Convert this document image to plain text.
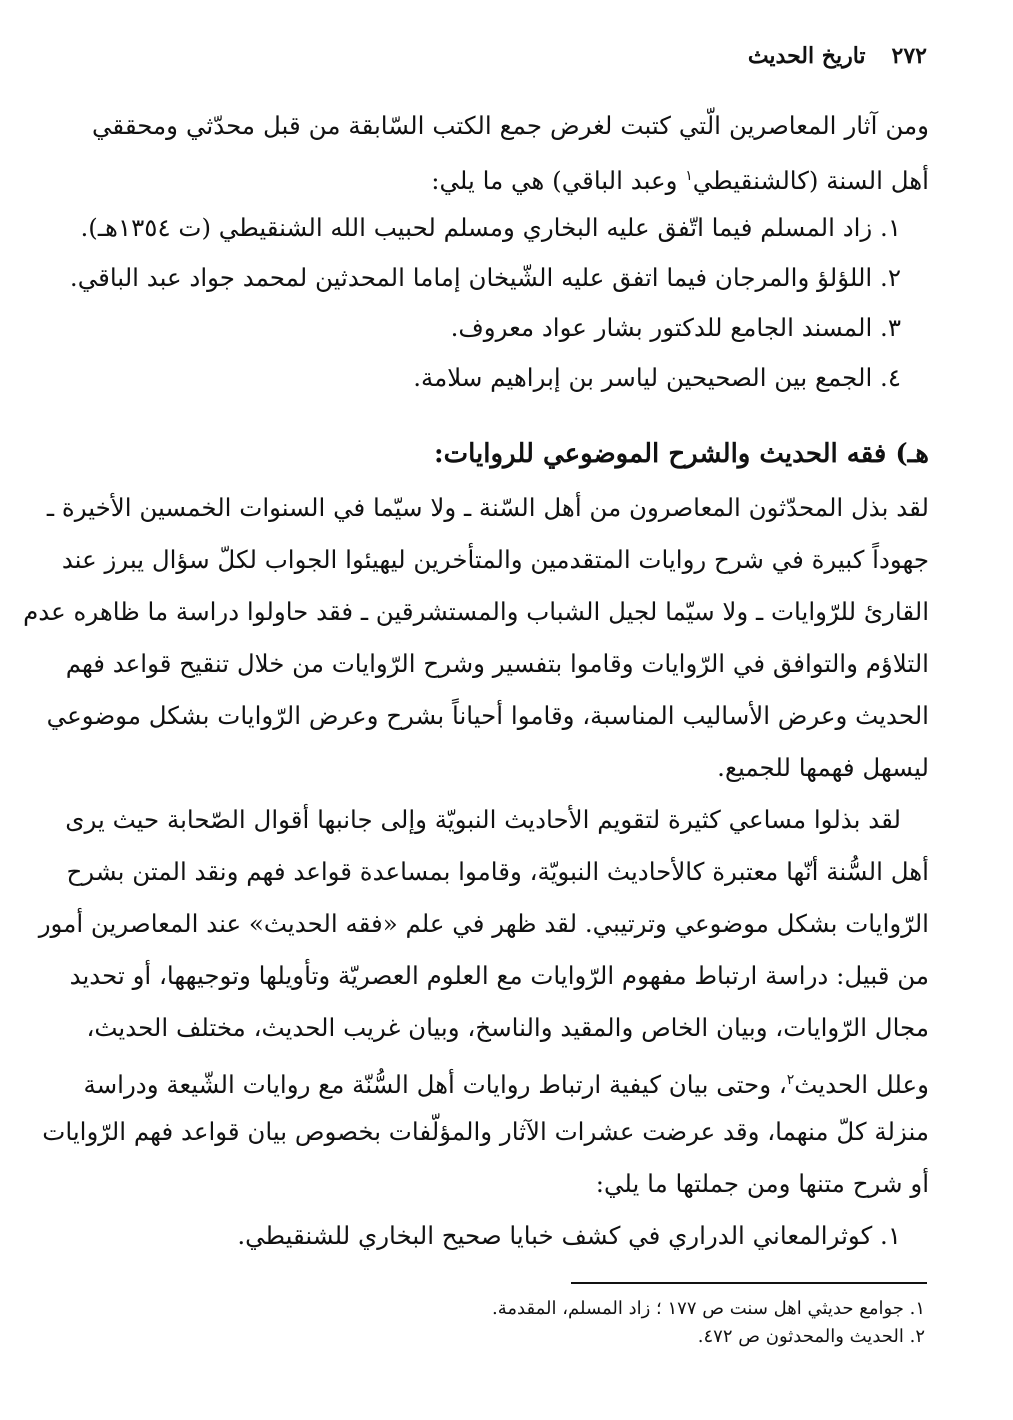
٢٧٢
تاريخ الحديث
ومن آثار المعاصرين الّتي كتبت لغرض جمع الكتب السّابقة من قبل محدّثي ومحققي
أهل السنة (كالشنقيطي$^١$ وعبد الباقي) هي ما يلي:
١. زاد المسلم فيما اتّفق عليه البخاري ومسلم لحبيب الله الشنقيطي (ت ١٣٥٤هـ).
٢. اللؤلؤ والمرجان فيما اتفق عليه الشّيخان إماما المحدثين لمحمد جواد عبد الباقي.
٣. المسند الجامع للدكتور بشار عواد معروف.
٤. الجمع بين الصحيحين لياسر بن إبراهيم سلامة.
هـ) فقه الحديث والشرح الموضوعي للروايات:
لقد بذل المحدّثون المعاصرون من أهل السّنة ـ ولا سيّما في السنوات الخمسين الأخيرة ـ
جهوداً كبيرة في شرح روايات المتقدمين والمتأخرين ليهيئوا الجواب لكلّ سؤال يبرز عند
القارئ للرّوايات ـ ولا سيّما لجيل الشباب والمستشرقين ـ فقد حاولوا دراسة ما ظاهره عدم
التلاؤم والتوافق في الرّوايات وقاموا بتفسير وشرح الرّوايات من خلال تنقيح قواعد فهم
الحديث وعرض الأساليب المناسبة، وقاموا أحياناً بشرح وعرض الرّوايات بشكل موضوعي
ليسهل فهمها للجميع.
لقد بذلوا مساعي كثيرة لتقويم الأحاديث النبويّة وإلى جانبها أقوال الصّحابة حيث يرى
أهل السُّنة أنّها معتبرة كالأحاديث النبويّة، وقاموا بمساعدة قواعد فهم ونقد المتن بشرح
الرّوايات بشكل موضوعي وترتيبي. لقد ظهر في علم «فقه الحديث» عند المعاصرين أمور
من قبيل: دراسة ارتباط مفهوم الرّوايات مع العلوم العصريّة وتأويلها وتوجيهها، أو تحديد
مجال الرّوايات، وبيان الخاص والمقيد والناسخ، وبيان غريب الحديث، مختلف الحديث،
وعلل الحديث$^٢$، وحتى بيان كيفية ارتباط روايات أهل السُّنّة مع روايات الشّيعة ودراسة
منزلة كلّ منهما، وقد عرضت عشرات الآثار والمؤلّفات بخصوص بيان قواعد فهم الرّوايات
أو شرح متنها ومن جملتها ما يلي:
١. كوثرالمعاني الدراري في كشف خبايا صحيح البخاري للشنقيطي.
١. جوامع حديثي اهل سنت ص ١٧٧ ؛ زاد المسلم، المقدمة.
٢. الحديث والمحدثون ص ٤٧٢.
